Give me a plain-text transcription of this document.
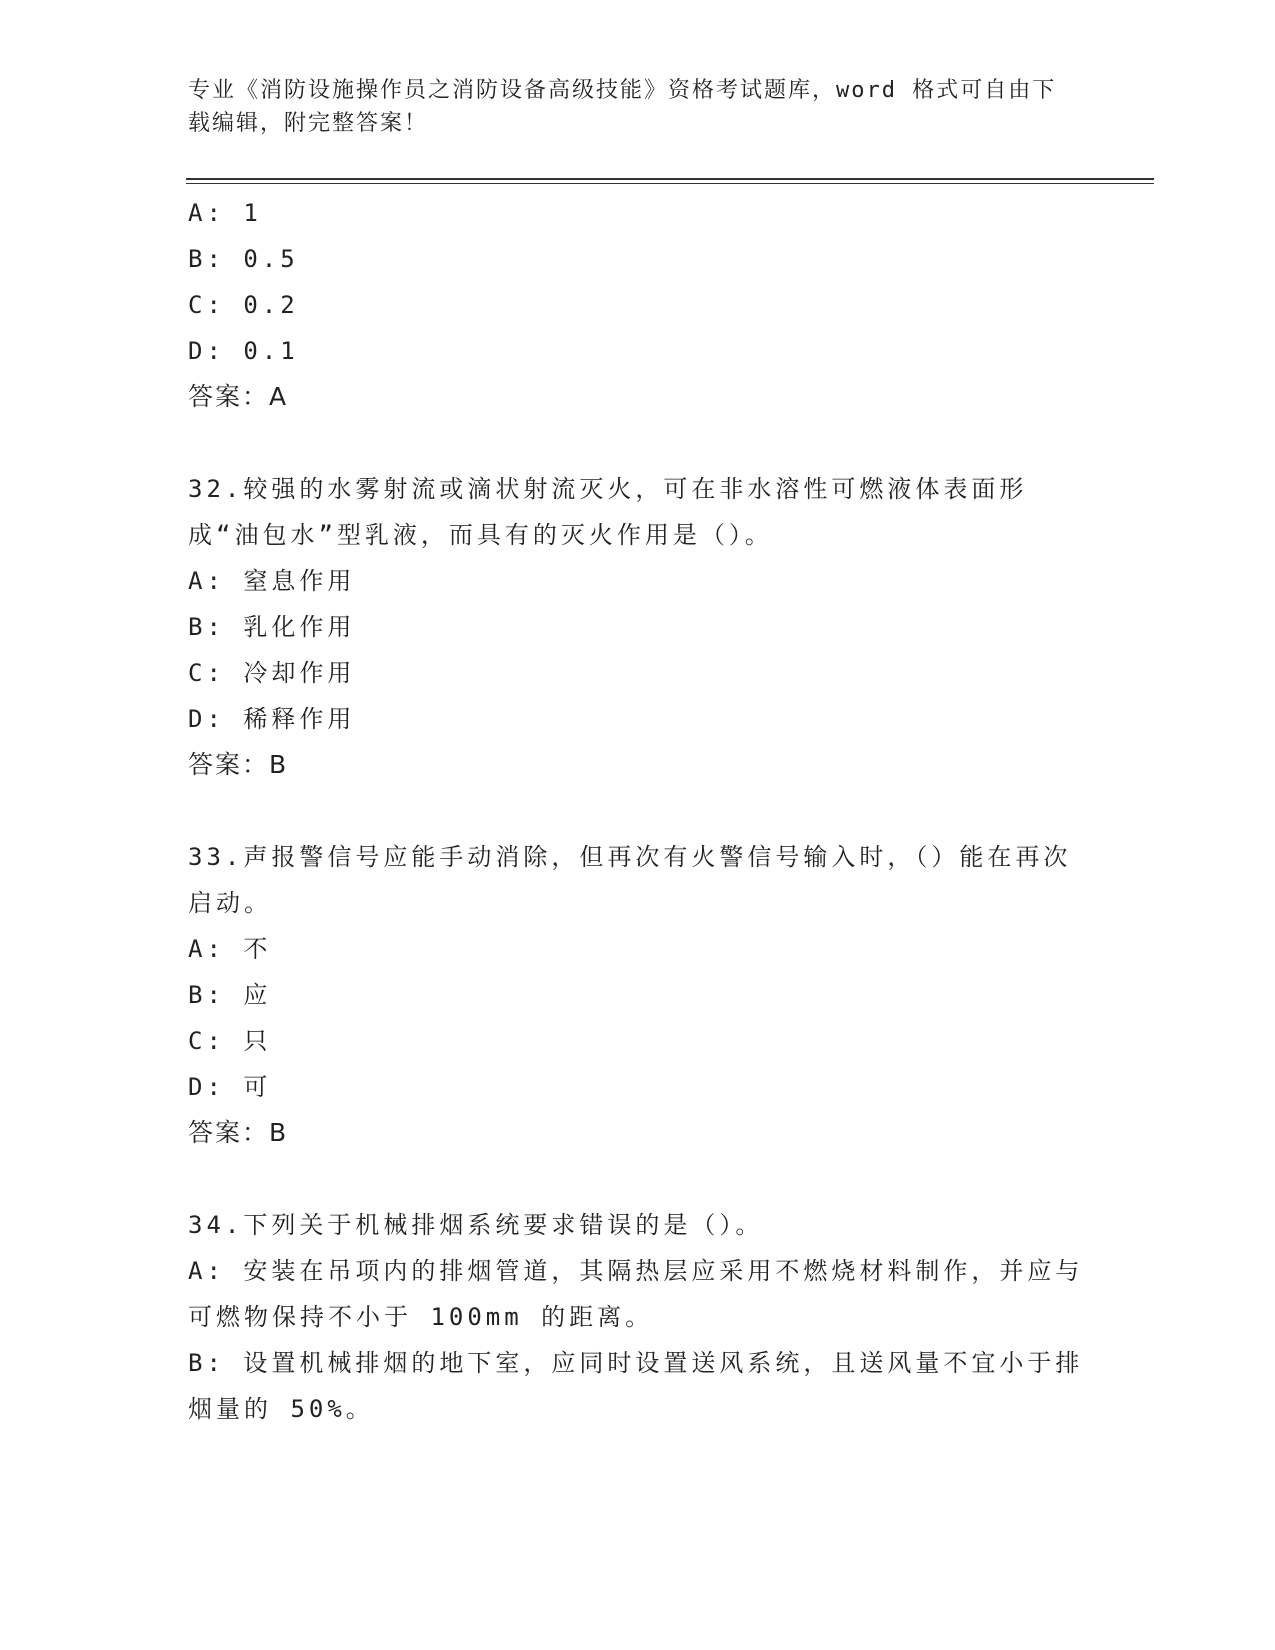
专业《消防设施操作员之消防设备高级技能》资格考试题库，word 格式可自由下载编辑，附完整答案！
A: 1
B: 0.5
C: 0.2
D: 0.1
答案：A
32.较强的水雾射流或滴状射流灭火，可在非水溶性可燃液体表面形成“油包水”型乳液，而具有的灭火作用是（）。
A: 窒息作用
B: 乳化作用
C: 冷却作用
D: 稀释作用
答案：B
33.声报警信号应能手动消除，但再次有火警信号输入时，（）能在再次启动。
A: 不
B: 应
C: 只
D: 可
答案：B
34.下列关于机械排烟系统要求错误的是（）。
A: 安装在吊项内的排烟管道，其隔热层应采用不燃烧材料制作，并应与可燃物保持不小于 100mm 的距离。
B: 设置机械排烟的地下室，应同时设置送风系统，且送风量不宜小于排烟量的 50%。
